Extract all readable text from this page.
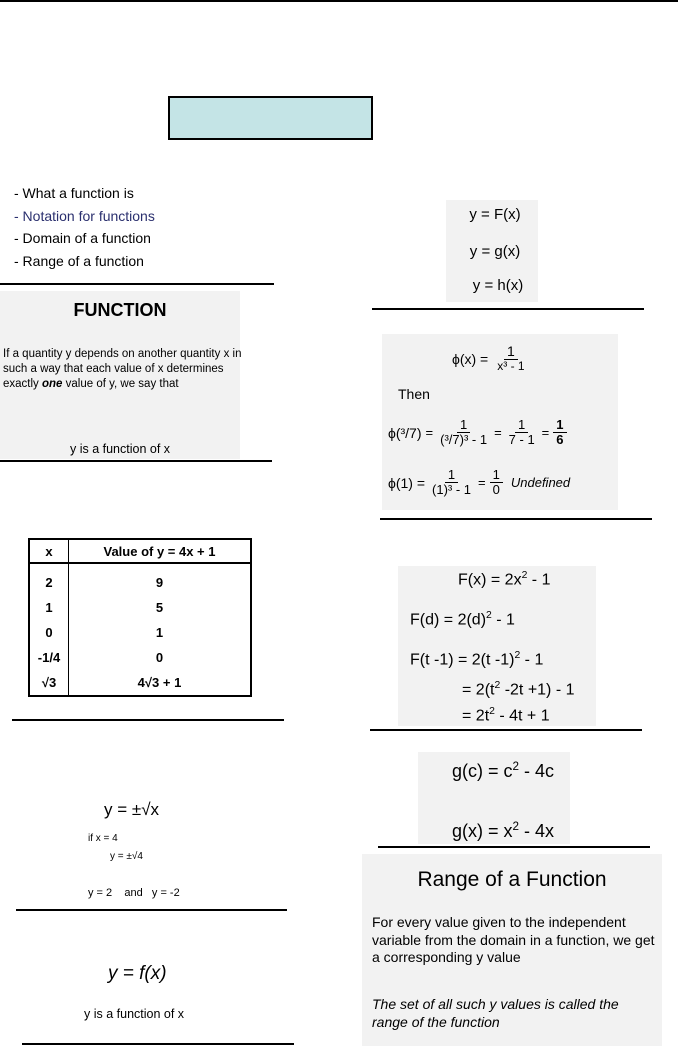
- What a function is
- Notation for functions
- Domain of a function
- Range of a function
FUNCTION
If a quantity y depends on another quantity x in such a way that each value of x determines exactly one value of y, we say that
y is a function of x
x	Value of y = 4x + 1
2	9
1	5
0	1
-1/4	0
√3	4√3 + 1
y = ±√x
if x = 4
y = ±√4
y = 2    and   y = -2
y = f(x)
y is a function of x
y = F(x)
y = g(x)
y = h(x)
$\phi(x) = \frac{1}{\text{x³ - 1}}$
Then
$\phi(^3/7) = \frac{1}{\text{(³/7)³ - 1}} = \frac{1}{7 - 1} = \frac{1}{6}$
$\phi(1) = \frac{1}{\text{(1)³ - 1}} = \frac{1}{0}$ Undefined
$F(x) = 2x^2 - 1$
$F(d) = 2(d)^2 - 1$
F(t -1) = 2(t -1)$^2$ - 1
= $2(t^2$ -2t +1) - 1
= $2t^2 - 4t + 1$
$g(c) = c^2 - 4c$
$g(x) = x^2 - 4x$
Range of a Function
For every value given to the independent variable from the domain in a function, we get a corresponding y value
The set of all such y values is called the range of the function
